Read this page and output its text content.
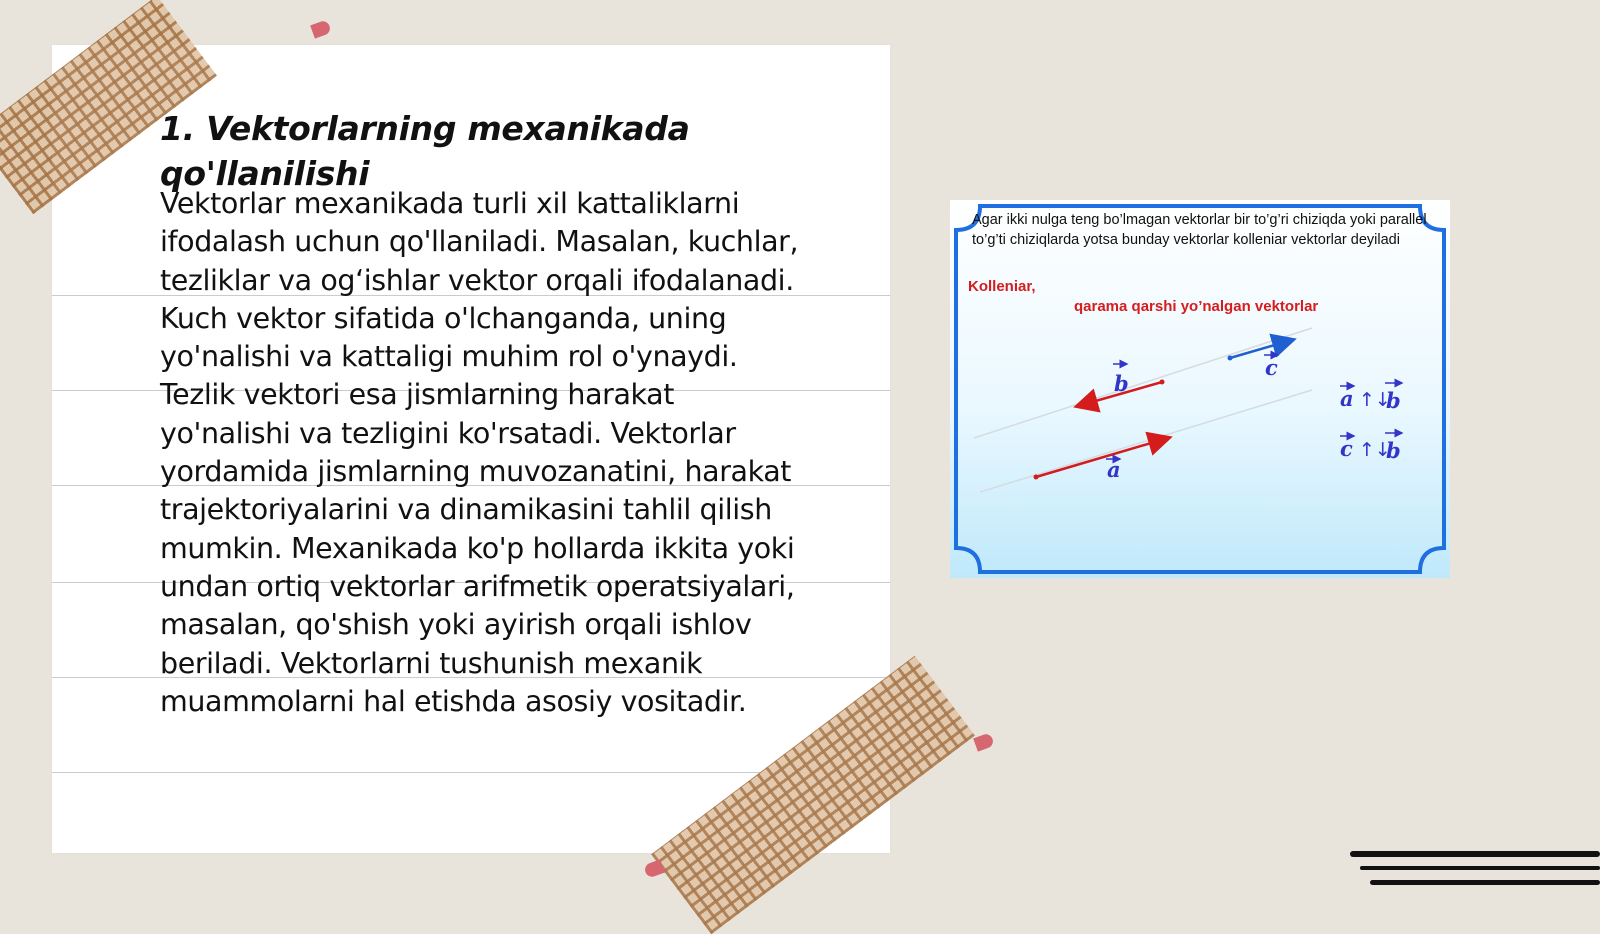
1. Vektorlarning mexanikada qo'llanilishi

Vektorlar mexanikada turli xil kattaliklarni ifodalash uchun qo'llaniladi. Masalan, kuchlar, tezliklar va og‘ishlar vektor orqali ifodalanadi. Kuch vektor sifatida o'lchanganda, uning yo'nalishi va kattaligi muhim rol o'ynaydi. Tezlik vektori esa jismlarning harakat yo'nalishi va tezligini ko'rsatadi. Vektorlar yordamida jismlarning muvozanatini, harakat trajektoriyalarini va dinamikasini tahlil qilish mumkin. Mexanikada ko'p hollarda ikkita yoki undan ortiq vektorlar arifmetik operatsiyalari, masalan, qo'shish yoki ayirish orqali ishlov beriladi. Vektorlarni tushunish mexanik muammolarni hal etishda asosiy vositadir.

b
c
a
a ↑↓
b
c ↑↓
b
Agar ikki nulga teng bo’lmagan vektorlar bir to’g’ri chiziqda yoki parallel to’g’ti chiziqlarda yotsa bunday vektorlar kolleniar vektorlar deyiladi
Kolleniar,
qarama qarshi yo’nalgan vektorlar
